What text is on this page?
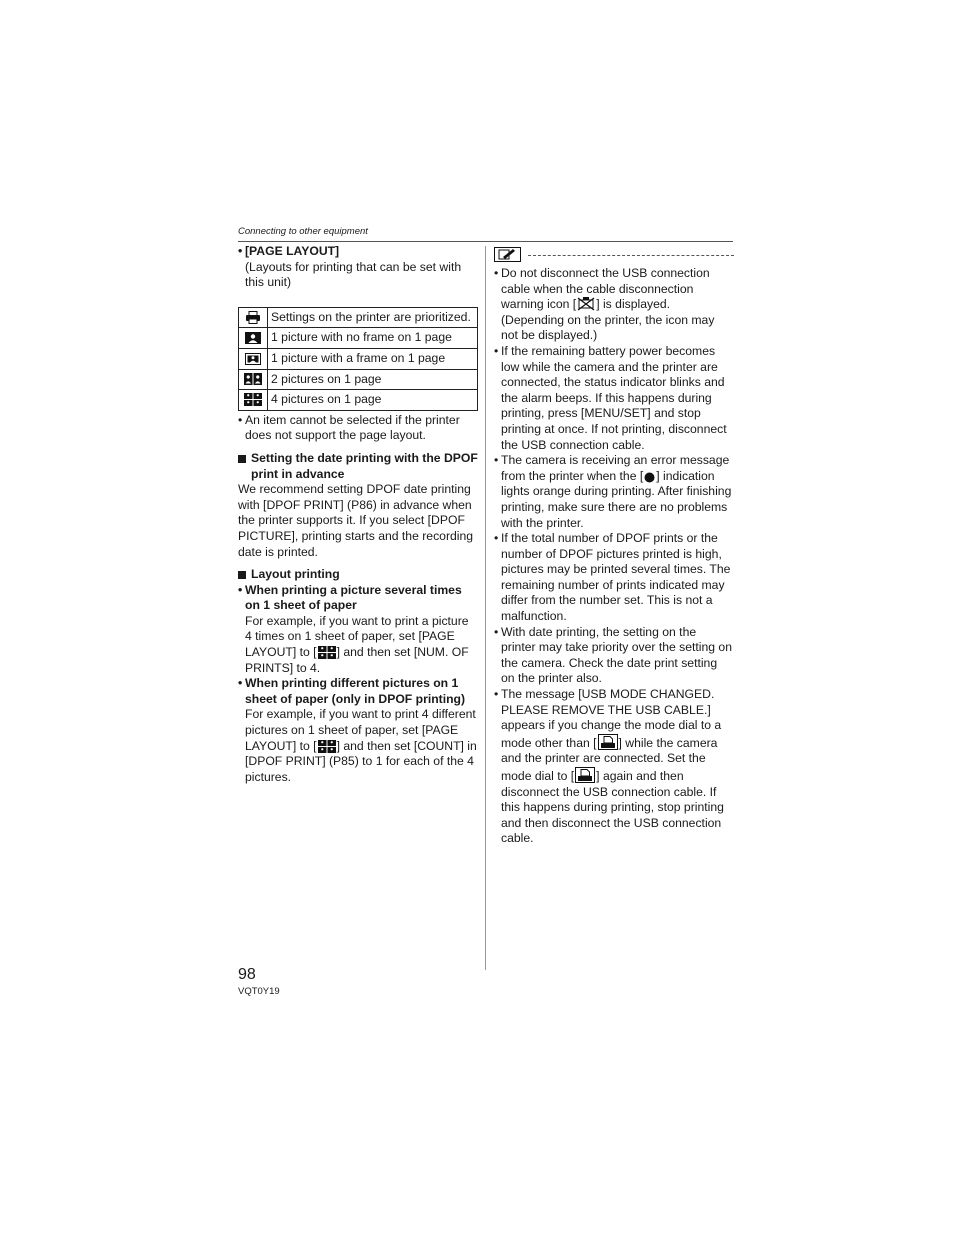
Connecting to other equipment
• [PAGE LAYOUT]
(Layouts for printing that can be set with this unit)
	Settings on the printer are prioritized.
	1 picture with no frame on 1 page
	1 picture with a frame on 1 page
	2 pictures on 1 page
	4 pictures on 1 page
• An item cannot be selected if the printer does not support the page layout.
Setting the date printing with the DPOF print in advance
We recommend setting DPOF date printing with [DPOF PRINT] (P86) in advance when the printer supports it. If you select [DPOF PICTURE], printing starts and the recording date is printed.
Layout printing
• When printing a picture several times on 1 sheet of paper
For example, if you want to print a picture 4 times on 1 sheet of paper, set [PAGE LAYOUT] to [ ] and then set [NUM. OF PRINTS] to 4.
• When printing different pictures on 1 sheet of paper (only in DPOF printing)
For example, if you want to print 4 different pictures on 1 sheet of paper, set [PAGE LAYOUT] to [ ] and then set [COUNT] in [DPOF PRINT] (P85) to 1 for each of the 4 pictures.
• Do not disconnect the USB connection cable when the cable disconnection warning icon [ ] is displayed. (Depending on the printer, the icon may not be displayed.)
• If the remaining battery power becomes low while the camera and the printer are connected, the status indicator blinks and the alarm beeps. If this happens during printing, press [MENU/SET] and stop printing at once. If not printing, disconnect the USB connection cable.
• The camera is receiving an error message from the printer when the [ ] indication lights orange during printing. After finishing printing, make sure there are no problems with the printer.
• If the total number of DPOF prints or the number of DPOF pictures printed is high, pictures may be printed several times. The remaining number of prints indicated may differ from the number set. This is not a malfunction.
• With date printing, the setting on the printer may take priority over the setting on the camera. Check the date print setting on the printer also.
• The message [USB MODE CHANGED. PLEASE REMOVE THE USB CABLE.] appears if you change the mode dial to a mode other than [ ] while the camera and the printer are connected. Set the mode dial to [ ] again and then disconnect the USB connection cable. If this happens during printing, stop printing and then disconnect the USB connection cable.
98
VQT0Y19
